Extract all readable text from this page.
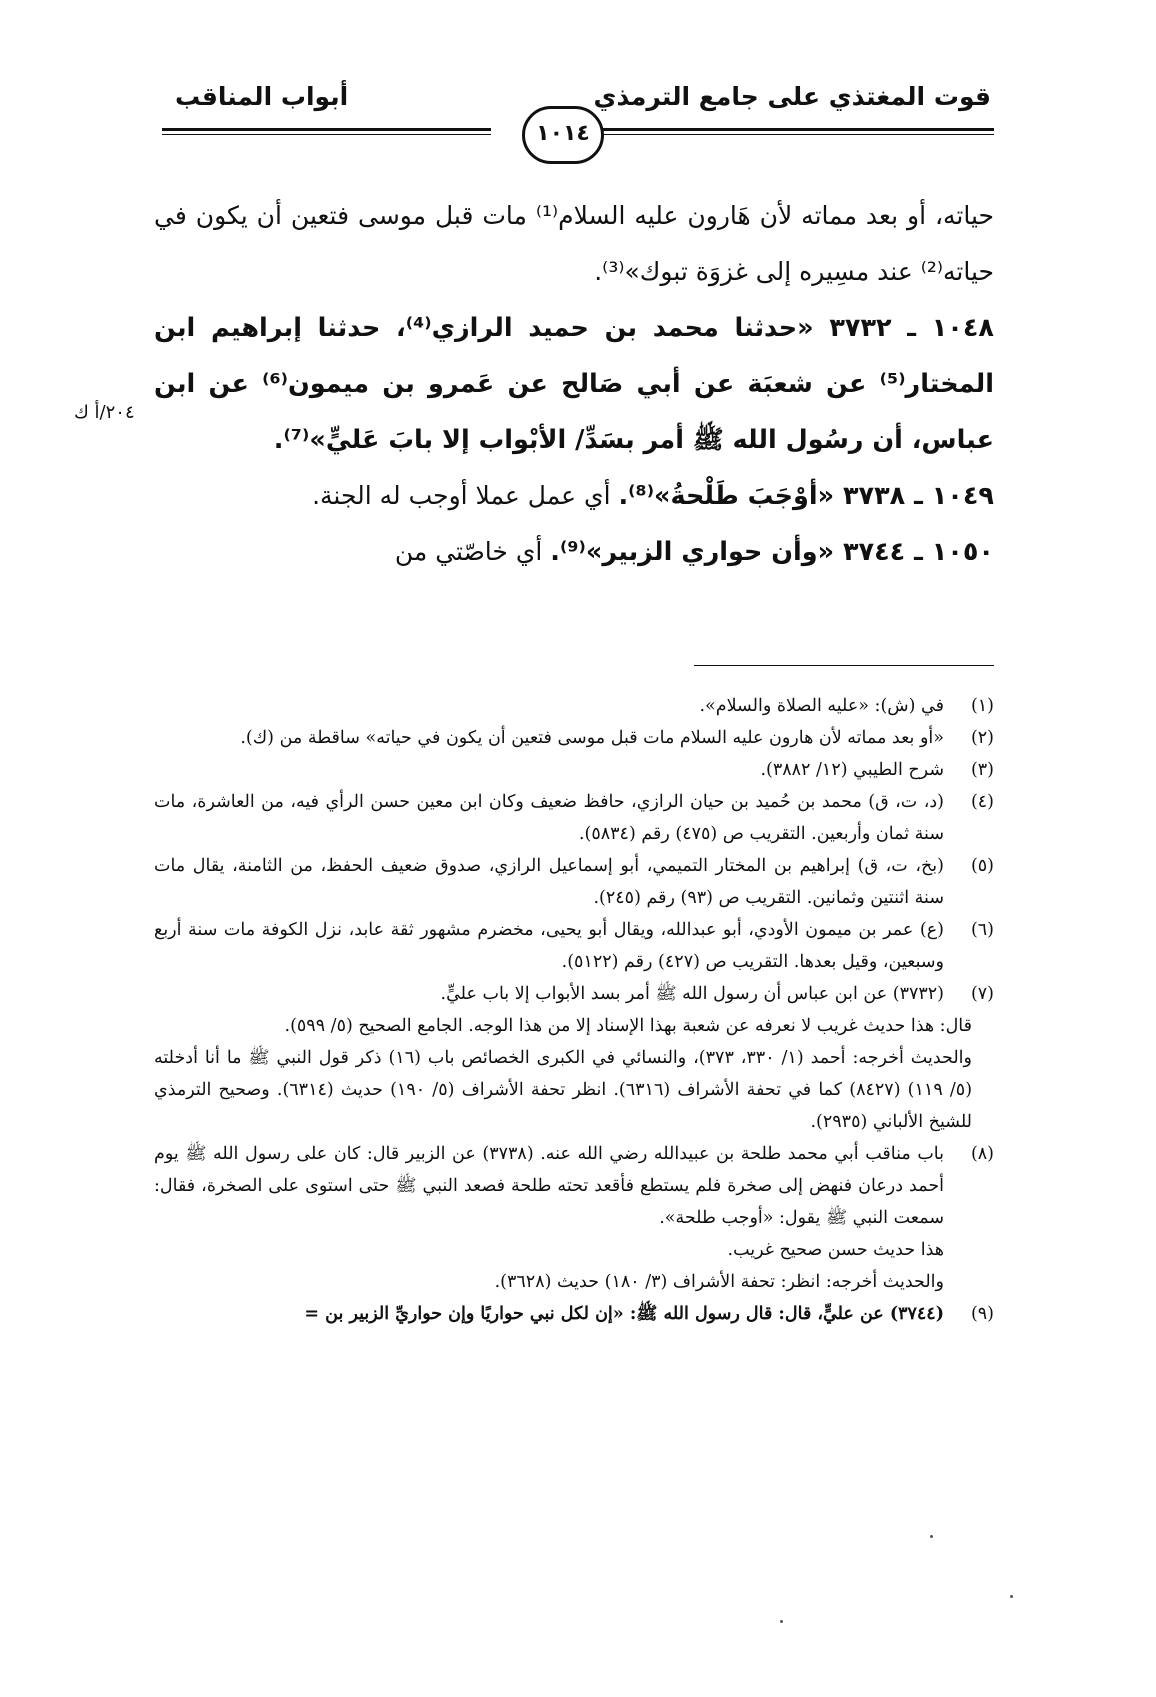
قوت المغتذي على جامع الترمذي
أبواب المناقب
١٠١٤
٢٠٤/أ ك

حياته، أو بعد مماته لأن هَارون عليه السلام⁽¹⁾ مات قبل موسى فتعين أن يكون في حياته⁽²⁾ عند مسِيره إلى غزوَة تبوك»⁽³⁾.

١٠٤٨ ـ ٣٧٣٢ «حدثنا محمد بن حميد الرازي⁽⁴⁾، حدثنا إبراهيم ابن المختار⁽⁵⁾ عن شعبَة عن أبي صَالح عن عَمرو بن ميمون⁽⁶⁾ عن ابن عباس، أن رسُول الله ﷺ أمر بسَدِّ/ الأبْواب إلا بابَ عَليٍّ»⁽⁷⁾.

١٠٤٩ ـ ٣٧٣٨ «أوْجَبَ طَلْحةُ»⁽⁸⁾. أي عمل عملا أوجب له الجنة.

١٠٥٠ ـ ٣٧٤٤ «وأن حواري الزبير»⁽⁹⁾. أي خاصّتي من

(١)
في (ش): «عليه الصلاة والسلام».
(٢)
«أو بعد مماته لأن هارون عليه السلام مات قبل موسى فتعين أن يكون في حياته» ساقطة من (ك).
(٣)
شرح الطيبي (١٢/ ٣٨٨٢).
(٤)
(د، ت، ق) محمد بن حُميد بن حيان الرازي، حافظ ضعيف وكان ابن معين حسن الرأي فيه، من العاشرة، مات سنة ثمان وأربعين. التقريب ص (٤٧٥) رقم (٥٨٣٤).
(٥)
(بخ، ت، ق) إبراهيم بن المختار التميمي، أبو إسماعيل الرازي، صدوق ضعيف الحفظ، من الثامنة، يقال مات سنة اثنتين وثمانين. التقريب ص (٩٣) رقم (٢٤٥).
(٦)
(ع) عمر بن ميمون الأودي، أبو عبدالله، ويقال أبو يحيى، مخضرم مشهور ثقة عابد، نزل الكوفة مات سنة أربع وسبعين، وقيل بعدها. التقريب ص (٤٢٧) رقم (٥١٢٢).
(٧)
(٣٧٣٢) عن ابن عباس أن رسول الله ﷺ أمر بسد الأبواب إلا باب عليٍّ.
قال: هذا حديث غريب لا نعرفه عن شعبة بهذا الإسناد إلا من هذا الوجه. الجامع الصحيح (٥/ ٥٩٩).
والحديث أخرجه: أحمد (١/ ٣٣٠، ٣٧٣)، والنسائي في الكبرى الخصائص باب (١٦) ذكر قول النبي ﷺ ما أنا أدخلته (٥/ ١١٩) (٨٤٢٧) كما في تحفة الأشراف (٦٣١٦). انظر تحفة الأشراف (٥/ ١٩٠) حديث (٦٣١٤). وصحيح الترمذي للشيخ الألباني (٢٩٣٥).
(٨)
باب مناقب أبي محمد طلحة بن عبيدالله رضي الله عنه. (٣٧٣٨) عن الزبير قال: كان على رسول الله ﷺ يوم أحمد درعان فنهض إلى صخرة فلم يستطع فأقعد تحته طلحة فصعد النبي ﷺ حتى استوى على الصخرة، فقال: سمعت النبي ﷺ يقول: «أوجب طلحة».
هذا حديث حسن صحيح غريب.
والحديث أخرجه: انظر: تحفة الأشراف (٣/ ١٨٠) حديث (٣٦٢٨).
(٩)
(٣٧٤٤) عن عليٍّ، قال: قال رسول الله ﷺ: «إن لكل نبي حواريًا وإن حواريِّ الزبير بن =
